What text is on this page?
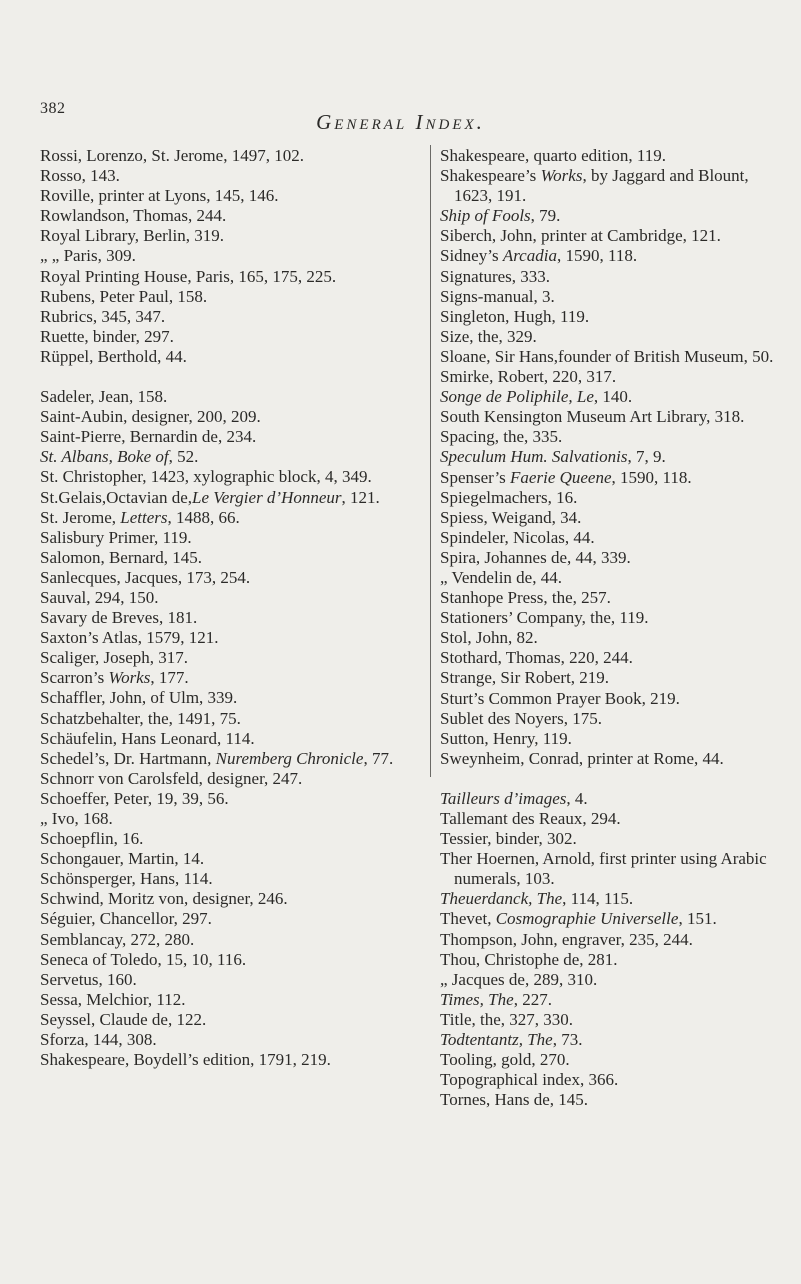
382
General Index.
Rossi, Lorenzo, St. Jerome, 1497, 102.
Rosso, 143.
Roville, printer at Lyons, 145, 146.
Rowlandson, Thomas, 244.
Royal Library, Berlin, 319.
„ „ Paris, 309.
Royal Printing House, Paris, 165, 175, 225.
Rubens, Peter Paul, 158.
Rubrics, 345, 347.
Ruette, binder, 297.
Rüppel, Berthold, 44.
Sadeler, Jean, 158.
Saint-Aubin, designer, 200, 209.
Saint-Pierre, Bernardin de, 234.
St. Albans, Boke of, 52.
St. Christopher, 1423, xylographic block, 4, 349.
St.Gelais,Octavian de,Le Vergier d’Honneur, 121.
St. Jerome, Letters, 1488, 66.
Salisbury Primer, 119.
Salomon, Bernard, 145.
Sanlecques, Jacques, 173, 254.
Sauval, 294, 150.
Savary de Breves, 181.
Saxton’s Atlas, 1579, 121.
Scaliger, Joseph, 317.
Scarron’s Works, 177.
Schaffler, John, of Ulm, 339.
Schatzbehalter, the, 1491, 75.
Schäufelin, Hans Leonard, 114.
Schedel’s, Dr. Hartmann, Nuremberg Chronicle, 77.
Schnorr von Carolsfeld, designer, 247.
Schoeffer, Peter, 19, 39, 56.
„ Ivo, 168.
Schoepflin, 16.
Schongauer, Martin, 14.
Schönsperger, Hans, 114.
Schwind, Moritz von, designer, 246.
Séguier, Chancellor, 297.
Semblancay, 272, 280.
Seneca of Toledo, 15, 10, 116.
Servetus, 160.
Sessa, Melchior, 112.
Seyssel, Claude de, 122.
Sforza, 144, 308.
Shakespeare, Boydell’s edition, 1791, 219.
Shakespeare, quarto edition, 119.
Shakespeare’s Works, by Jaggard and Blount, 1623, 191.
Ship of Fools, 79.
Siberch, John, printer at Cambridge, 121.
Sidney’s Arcadia, 1590, 118.
Signatures, 333.
Signs-manual, 3.
Singleton, Hugh, 119.
Size, the, 329.
Sloane, Sir Hans,founder of British Museum, 50.
Smirke, Robert, 220, 317.
Songe de Poliphile, Le, 140.
South Kensington Museum Art Library, 318.
Spacing, the, 335.
Speculum Hum. Salvationis, 7, 9.
Spenser’s Faerie Queene, 1590, 118.
Spiegelmachers, 16.
Spiess, Weigand, 34.
Spindeler, Nicolas, 44.
Spira, Johannes de, 44, 339.
„ Vendelin de, 44.
Stanhope Press, the, 257.
Stationers’ Company, the, 119.
Stol, John, 82.
Stothard, Thomas, 220, 244.
Strange, Sir Robert, 219.
Sturt’s Common Prayer Book, 219.
Sublet des Noyers, 175.
Sutton, Henry, 119.
Sweynheim, Conrad, printer at Rome, 44.
Tailleurs d’images, 4.
Tallemant des Reaux, 294.
Tessier, binder, 302.
Ther Hoernen, Arnold, first printer using Arabic numerals, 103.
Theuerdanck, The, 114, 115.
Thevet, Cosmographie Universelle, 151.
Thompson, John, engraver, 235, 244.
Thou, Christophe de, 281.
„ Jacques de, 289, 310.
Times, The, 227.
Title, the, 327, 330.
Todtentantz, The, 73.
Tooling, gold, 270.
Topographical index, 366.
Tornes, Hans de, 145.
